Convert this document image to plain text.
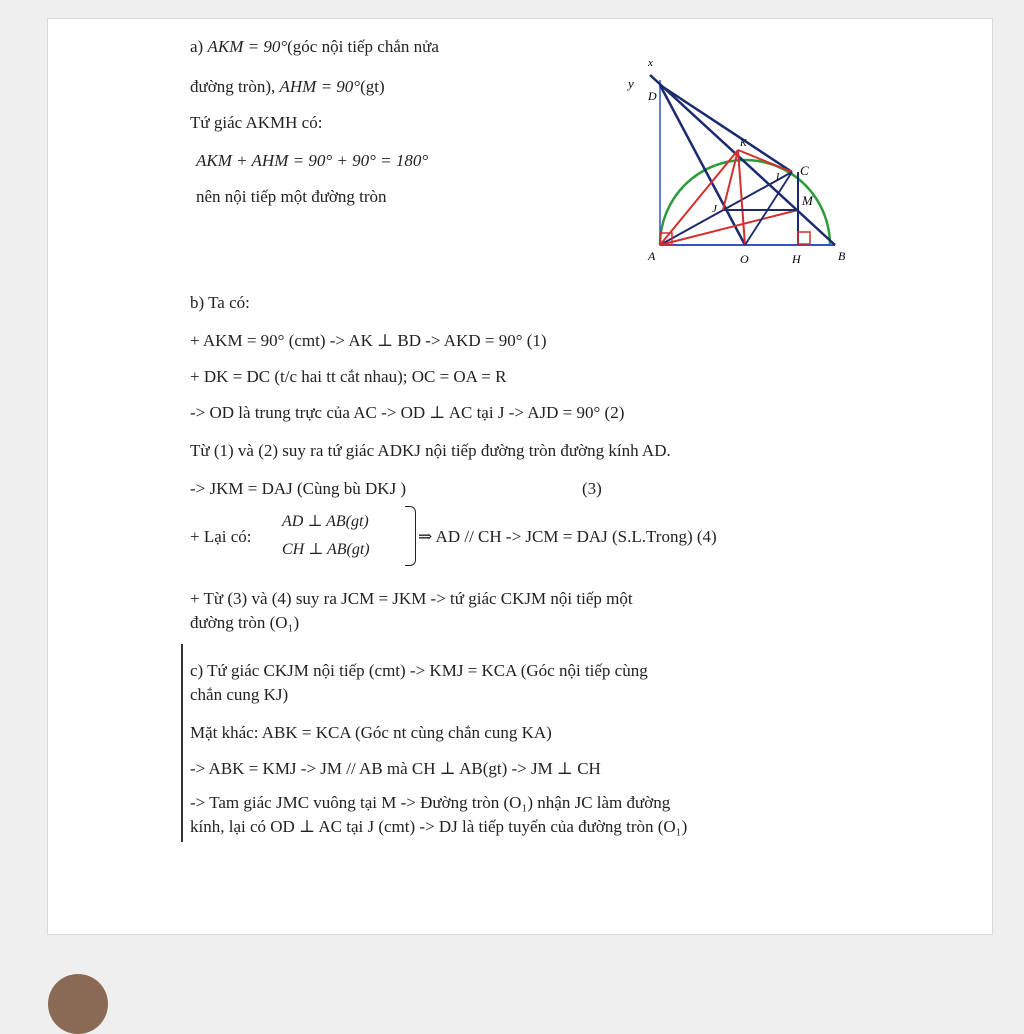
a) AKM = 90°(góc nội tiếp chắn nửa
đường tròn), AHM = 90°(gt)
Tứ giác AKMH có:
AKM + AHM = 90° + 90° = 180°
nên nội tiếp một đường tròn
x
y
D
K
C
I
M
J
A	O	H	B
b) Ta có:
+ AKM = 90° (cmt) -> AK ⊥ BD -> AKD = 90° (1)
+ DK = DC (t/c hai tt cắt nhau); OC = OA = R
-> OD là trung trực của AC -> OD ⊥ AC tại J -> AJD = 90° (2)
Từ (1) và (2) suy ra tứ giác ADKJ nội tiếp đường tròn đường kính AD.
-> JKM = DAJ (Cùng bù DKJ )	(3)
+ Lại có:
AD ⊥ AB(gt)
CH ⊥ AB(gt)
⇒ AD // CH -> JCM = DAJ (S.L.Trong) (4)
+ Từ (3) và (4) suy ra JCM = JKM -> tứ giác CKJM nội tiếp một
đường tròn (O₁)
c) Tứ giác CKJM nội tiếp (cmt) -> KMJ = KCA (Góc nội tiếp cùng
chắn cung KJ)
Mặt khác: ABK = KCA (Góc nt cùng chắn cung KA)
-> ABK = KMJ -> JM // AB mà CH ⊥ AB(gt) -> JM ⊥ CH
-> Tam giác JMC vuông tại M -> Đường tròn (O₁) nhận JC làm đường
kính, lại có OD ⊥ AC tại J (cmt) -> DJ là tiếp tuyến của đường tròn (O₁)
